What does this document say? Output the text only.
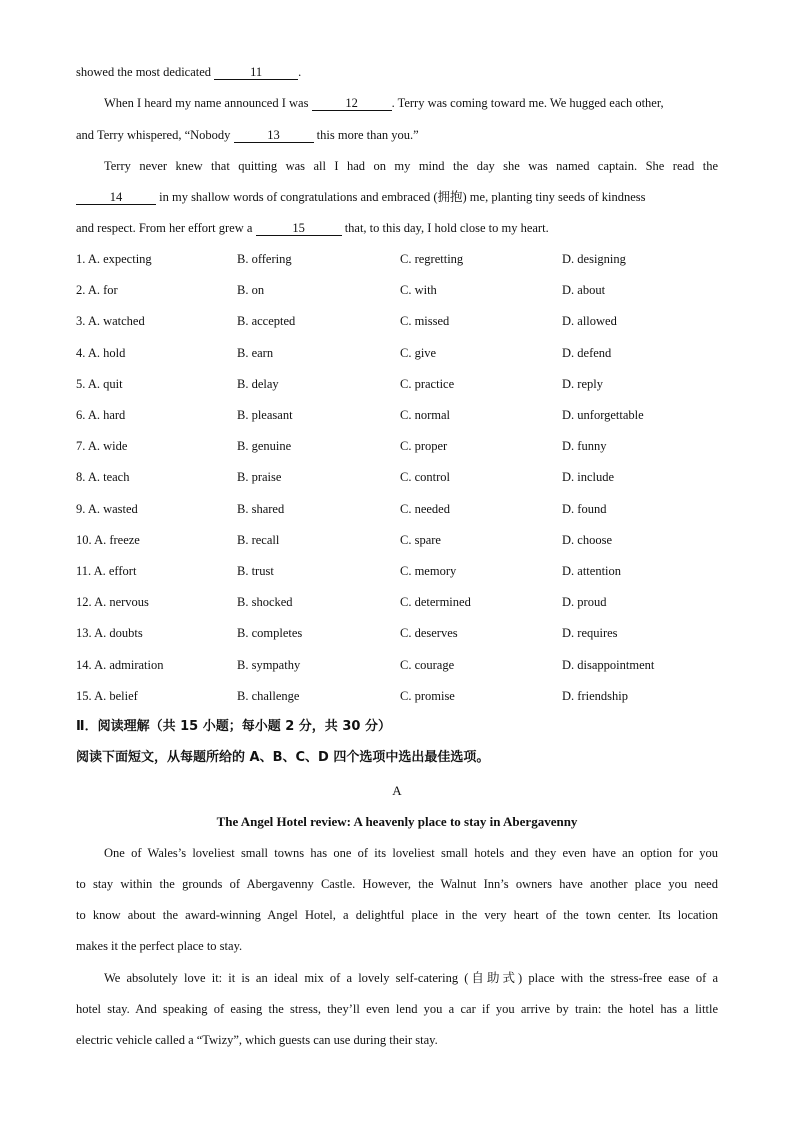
showed the most dedicated	11	.
When I heard my name announced I was	12	. Terry was coming toward me. We hugged each other,
and Terry whispered, “Nobody	13	this more than you.”
Terry never knew that quitting was all I had on my mind the day she was named captain. She read the
14	in my shallow words of congratulations and embraced (拥抱) me, planting tiny seeds of kindness
and respect. From her effort grew a	15	that, to this day, I hold close to my heart.
1. A. expecting	B. offering	C. regretting	D. designing
2. A. for	B. on	C. with	D. about
3. A. watched	B. accepted	C. missed	D. allowed
4. A. hold	B. earn	C. give	D. defend
5. A. quit	B. delay	C. practice	D. reply
6. A. hard	B. pleasant	C. normal	D. unforgettable
7. A. wide	B. genuine	C. proper	D. funny
8. A. teach	B. praise	C. control	D. include
9. A. wasted	B. shared	C. needed	D. found
10. A. freeze	B. recall	C. spare	D. choose
11. A. effort	B. trust	C. memory	D. attention
12. A. nervous	B. shocked	C. determined	D. proud
13. A. doubts	B. completes	C. deserves	D. requires
14. A. admiration	B. sympathy	C. courage	D. disappointment
15. A. belief	B. challenge	C. promise	D. friendship
Ⅱ．阅读理解（共 15 小题；每小题 2 分，共 30 分）
阅读下面短文，从每题所给的 A、B、C、D 四个选项中选出最佳选项。
A
The Angel Hotel review: A heavenly place to stay in Abergavenny
One of Wales’s loveliest small towns has one of its loveliest small hotels and they even have an option for you
to stay within the grounds of Abergavenny Castle. However, the Walnut Inn’s owners have another place you need
to know about the award-winning Angel Hotel, a delightful place in the very heart of the town center. Its location
makes it the perfect place to stay.
We absolutely love it: it is an ideal mix of a lovely self-catering (自助式) place with the stress-free ease of a
hotel stay. And speaking of easing the stress, they’ll even lend you a car if you arrive by train: the hotel has a little
electric vehicle called a “Twizy”, which guests can use during their stay.
